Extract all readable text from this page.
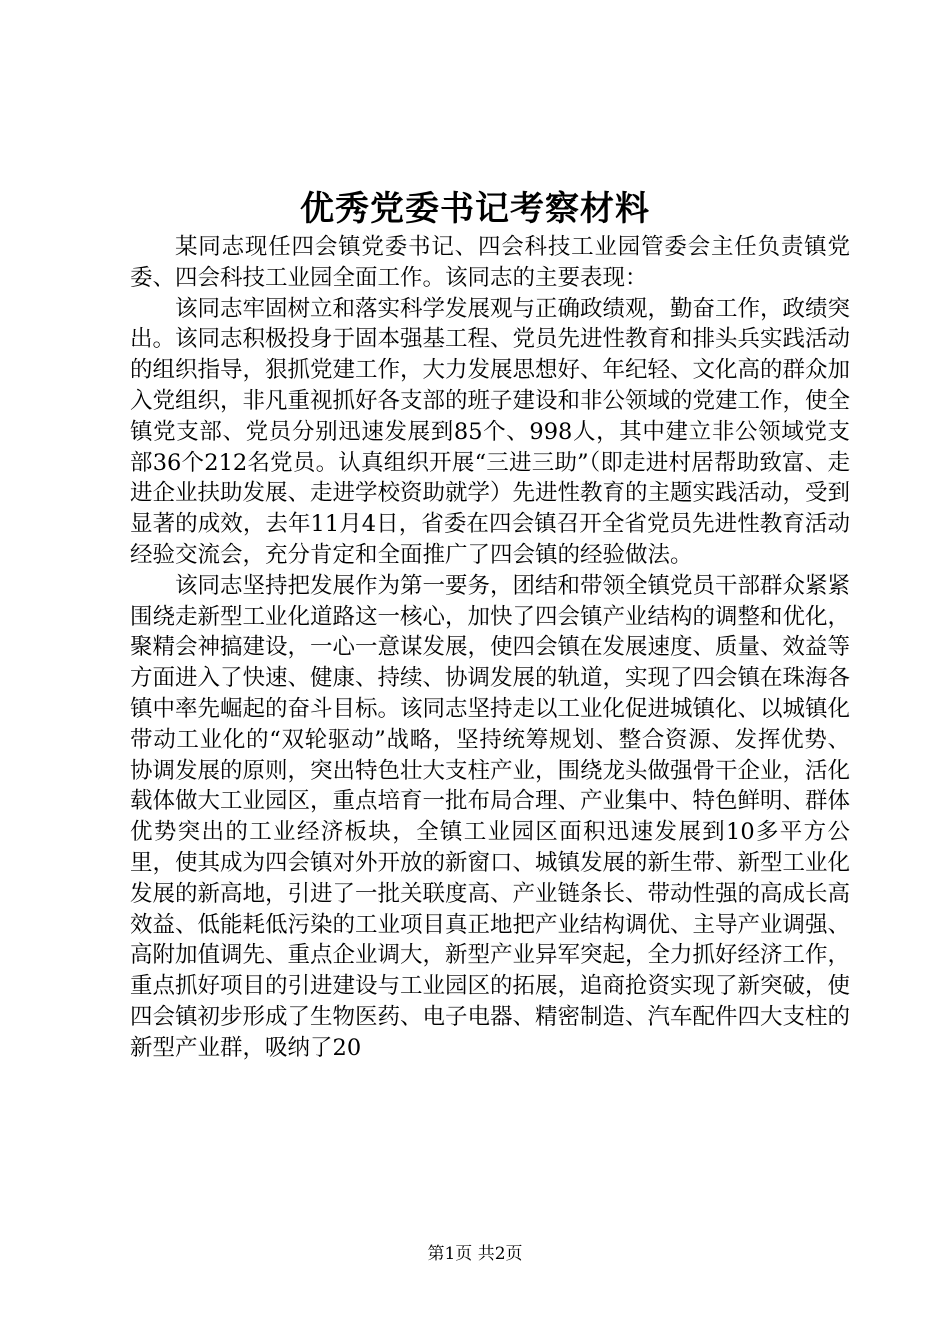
优秀党委书记考察材料

某同志现任四会镇党委书记、四会科技工业园管委会主任负责镇党委、四会科技工业园全面工作。该同志的主要表现：

该同志牢固树立和落实科学发展观与正确政绩观，勤奋工作，政绩突出。该同志积极投身于固本强基工程、党员先进性教育和排头兵实践活动的组织指导，狠抓党建工作，大力发展思想好、年纪轻、文化高的群众加入党组织，非凡重视抓好各支部的班子建设和非公领域的党建工作，使全镇党支部、党员分别迅速发展到85个、998人，其中建立非公领域党支部36个212名党员。认真组织开展“三进三助”（即走进村居帮助致富、走进企业扶助发展、走进学校资助就学）先进性教育的主题实践活动，受到显著的成效，去年11月4日，省委在四会镇召开全省党员先进性教育活动经验交流会，充分肯定和全面推广了四会镇的经验做法。

该同志坚持把发展作为第一要务，团结和带领全镇党员干部群众紧紧围绕走新型工业化道路这一核心，加快了四会镇产业结构的调整和优化，聚精会神搞建设，一心一意谋发展，使四会镇在发展速度、质量、效益等方面进入了快速、健康、持续、协调发展的轨道，实现了四会镇在珠海各镇中率先崛起的奋斗目标。该同志坚持走以工业化促进城镇化、以城镇化带动工业化的“双轮驱动”战略，坚持统筹规划、整合资源、发挥优势、协调发展的原则，突出特色壮大支柱产业，围绕龙头做强骨干企业，活化载体做大工业园区，重点培育一批布局合理、产业集中、特色鲜明、群体优势突出的工业经济板块，全镇工业园区面积迅速发展到10多平方公里，使其成为四会镇对外开放的新窗口、城镇发展的新生带、新型工业化发展的新高地，引进了一批关联度高、产业链条长、带动性强的高成长高效益、低能耗低污染的工业项目真正地把产业结构调优、主导产业调强、高附加值调先、重点企业调大，新型产业异军突起，全力抓好经济工作，重点抓好项目的引进建设与工业园区的拓展，追商抢资实现了新突破，使四会镇初步形成了生物医药、电子电器、精密制造、汽车配件四大支柱的新型产业群，吸纳了20

第1页 共2页
